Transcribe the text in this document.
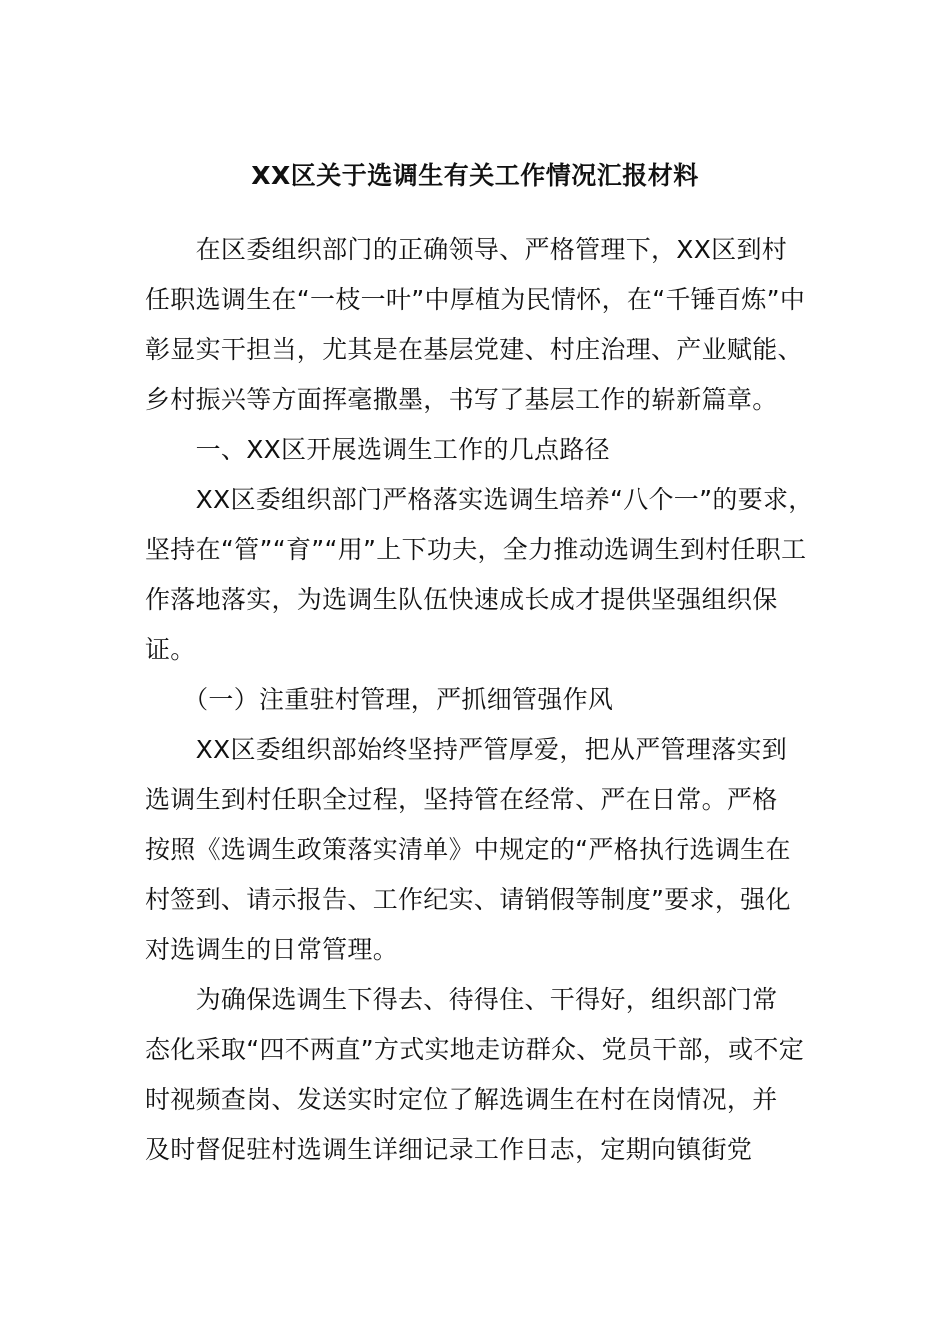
XX区关于选调生有关工作情况汇报材料
　　在区委组织部门的正确领导、严格管理下，XX区到村
任职选调生在“一枝一叶”中厚植为民情怀，在“千锤百炼”中
彰显实干担当，尤其是在基层党建、村庄治理、产业赋能、
乡村振兴等方面挥毫撒墨，书写了基层工作的崭新篇章。
　　一、XX区开展选调生工作的几点路径
　　XX区委组织部门严格落实选调生培养“八个一”的要求，
坚持在“管”“育”“用”上下功夫，全力推动选调生到村任职工
作落地落实，为选调生队伍快速成长成才提供坚强组织保
证。
　　（一）注重驻村管理，严抓细管强作风
　　XX区委组织部始终坚持严管厚爱，把从严管理落实到
选调生到村任职全过程，坚持管在经常、严在日常。严格
按照《选调生政策落实清单》中规定的“严格执行选调生在
村签到、请示报告、工作纪实、请销假等制度”要求，强化
对选调生的日常管理。
　　为确保选调生下得去、待得住、干得好，组织部门常
态化采取“四不两直”方式实地走访群众、党员干部，或不定
时视频查岗、发送实时定位了解选调生在村在岗情况，并
及时督促驻村选调生详细记录工作日志，定期向镇街党
